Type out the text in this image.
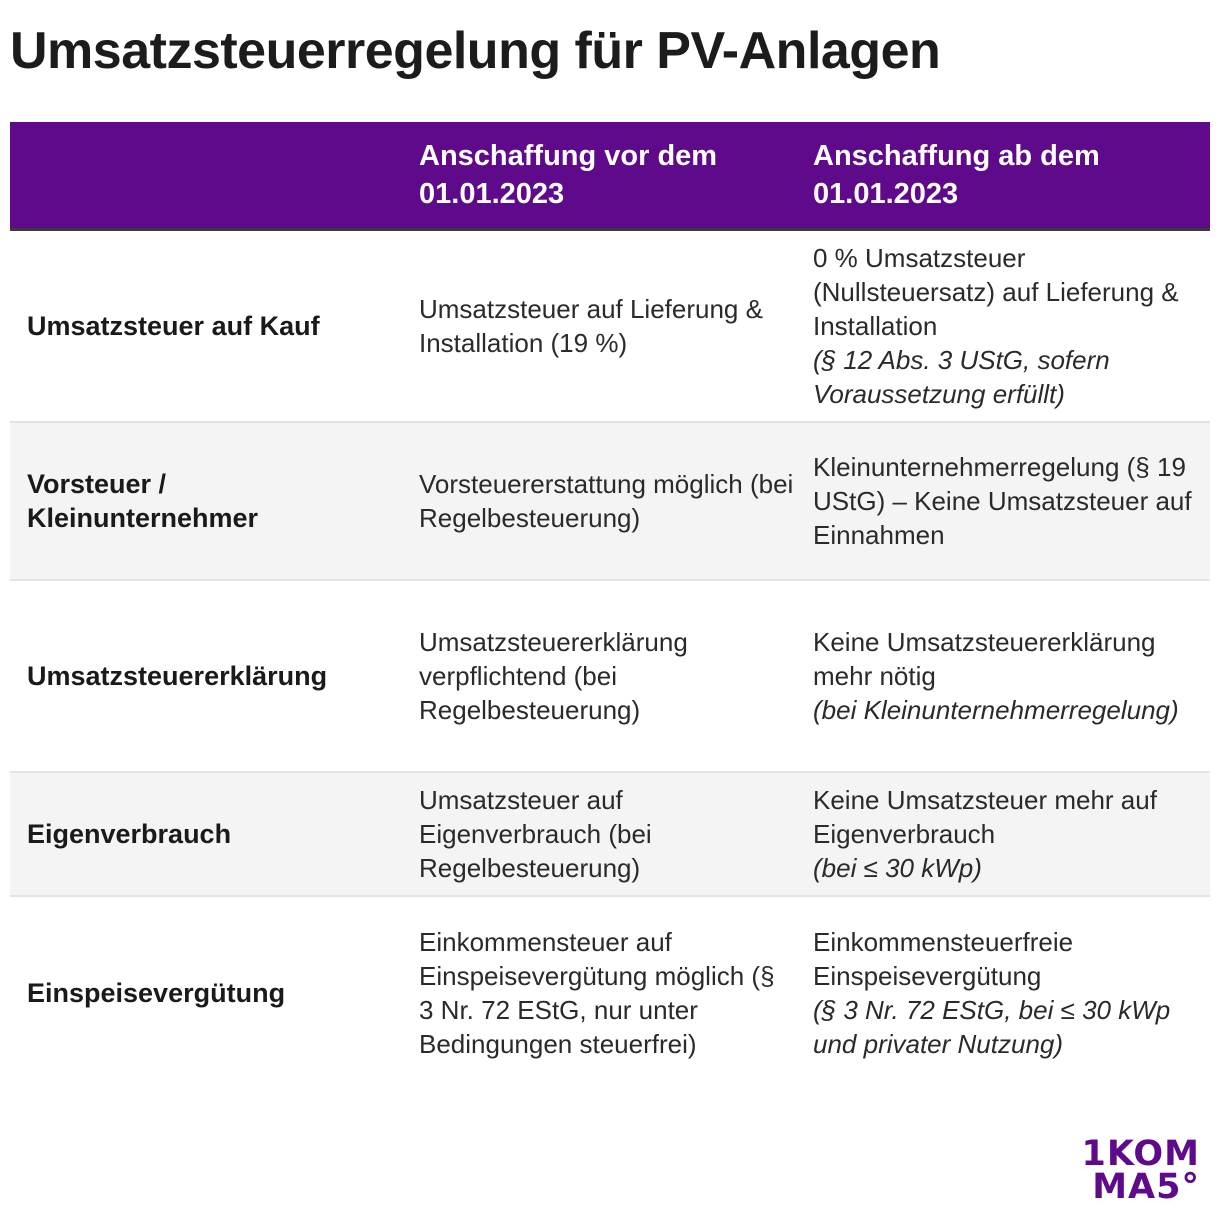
Umsatzsteuerregelung für PV-Anlagen
Anschaffung vor dem 01.01.2023
Anschaffung ab dem 01.01.2023
Umsatzsteuer auf Kauf
Umsatzsteuer auf Lieferung & Installation (19 %)
0 % Umsatzsteuer (Nullsteuersatz) auf Lieferung & Installation
(§ 12 Abs. 3 UStG, sofern Voraussetzung erfüllt)
Vorsteuer / Kleinunternehmer
Vorsteuererstattung möglich (bei Regelbesteuerung)
Kleinunternehmerregelung (§ 19 UStG) – Keine Umsatzsteuer auf Einnahmen
Umsatzsteuererklärung
Umsatzsteuererklärung verpflichtend (bei Regelbesteuerung)
Keine Umsatzsteuererklärung mehr nötig
(bei Kleinunternehmerregelung)
Eigenverbrauch
Umsatzsteuer auf Eigenverbrauch (bei Regelbesteuerung)
Keine Umsatzsteuer mehr auf Eigenverbrauch
(bei ≤ 30 kWp)
Einspeisevergütung
Einkommensteuer auf Einspeisevergütung möglich (§ 3 Nr. 72 EStG, nur unter Bedingungen steuerfrei)
Einkommensteuerfreie Einspeisevergütung
(§ 3 Nr. 72 EStG, bei ≤ 30 kWp und privater Nutzung)
1KOM
MA5°
